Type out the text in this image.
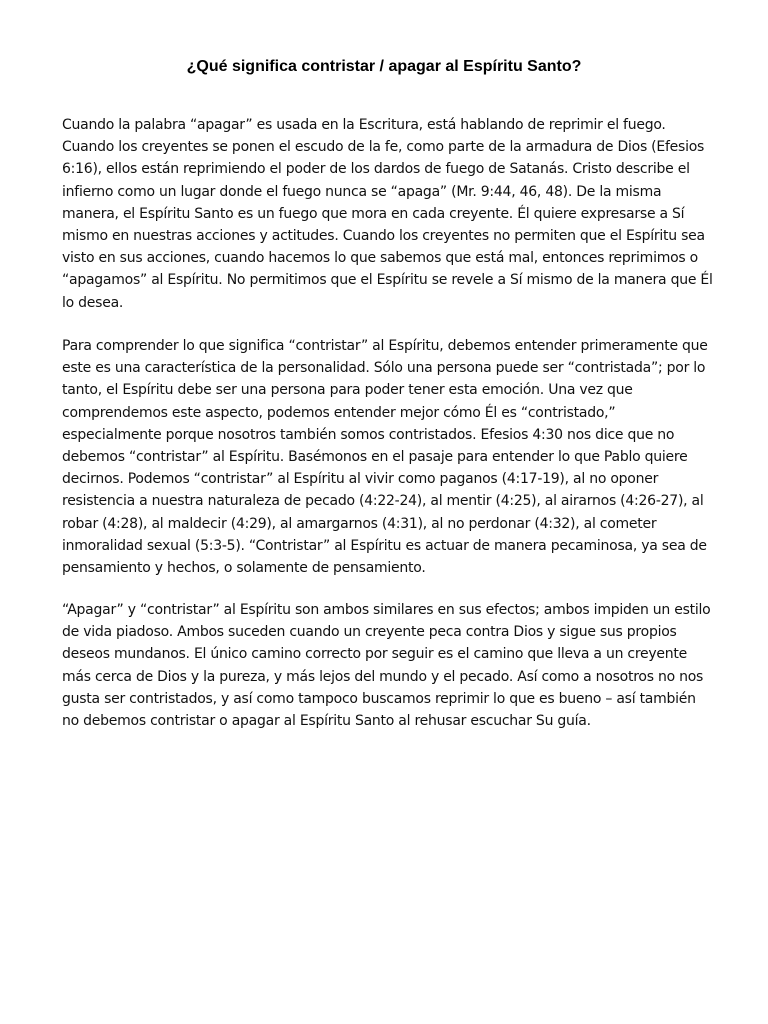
¿Qué significa contristar / apagar al Espíritu Santo?
Cuando la palabra “apagar” es usada en la Escritura, está hablando de reprimir el fuego. Cuando los creyentes se ponen el escudo de la fe, como parte de la armadura de Dios (Efesios 6:16), ellos están reprimiendo el poder de los dardos de fuego de Satanás. Cristo describe el infierno como un lugar donde el fuego nunca se “apaga” (Mr. 9:44, 46, 48). De la misma manera, el Espíritu Santo es un fuego que mora en cada creyente. Él quiere expresarse a Sí mismo en nuestras acciones y actitudes. Cuando los creyentes no permiten que el Espíritu sea visto en sus acciones, cuando hacemos lo que sabemos que está mal, entonces reprimimos o “apagamos” al Espíritu. No permitimos que el Espíritu se revele a Sí mismo de la manera que Él lo desea.
Para comprender lo que significa “contristar” al Espíritu, debemos entender primeramente que este es una característica de la personalidad. Sólo una persona puede ser “contristada”; por lo tanto, el Espíritu debe ser una persona para poder tener esta emoción. Una vez que comprendemos este aspecto, podemos entender mejor cómo Él es “contristado,” especialmente porque nosotros también somos contristados. Efesios 4:30 nos dice que no debemos “contristar” al Espíritu. Basémonos en el pasaje para entender lo que Pablo quiere decirnos. Podemos “contristar” al Espíritu al vivir como paganos (4:17-19), al no oponer resistencia a nuestra naturaleza de pecado (4:22-24), al mentir (4:25), al airarnos (4:26-27), al robar (4:28), al maldecir (4:29), al amargarnos (4:31), al no perdonar (4:32), al cometer inmoralidad sexual (5:3-5). “Contristar” al Espíritu es actuar de manera pecaminosa, ya sea de pensamiento y hechos, o solamente de pensamiento.
“Apagar” y “contristar” al Espíritu son ambos similares en sus efectos; ambos impiden un estilo de vida piadoso. Ambos suceden cuando un creyente peca contra Dios y sigue sus propios deseos mundanos. El único camino correcto por seguir es el camino que lleva a un creyente más cerca de Dios y la pureza, y más lejos del mundo y el pecado. Así como a nosotros no nos gusta ser contristados, y así como tampoco buscamos reprimir lo que es bueno – así también no debemos contristar o apagar al Espíritu Santo al rehusar escuchar Su guía.
